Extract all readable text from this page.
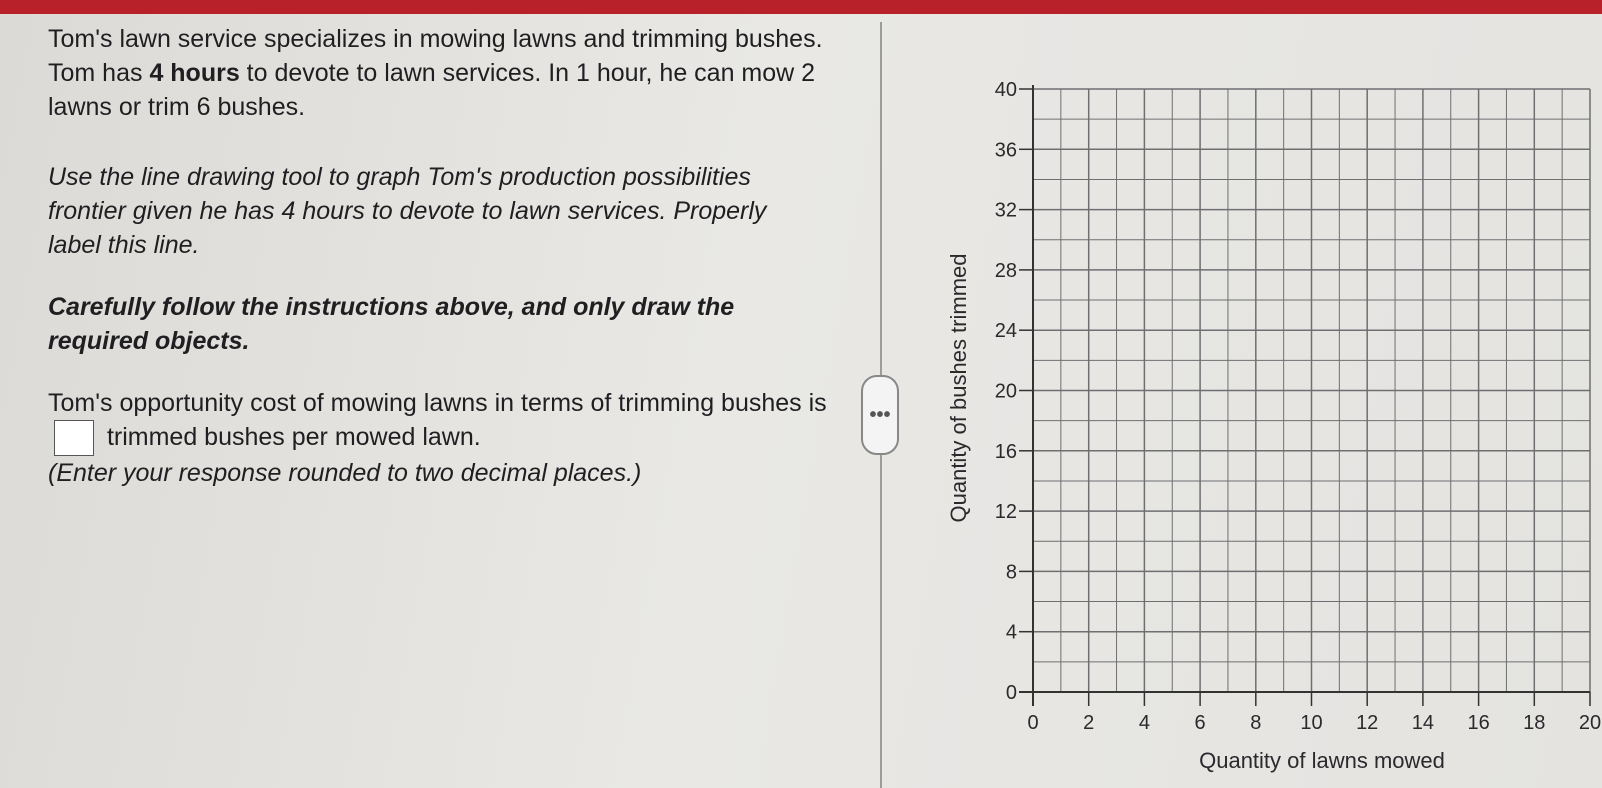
Tom's lawn service specializes in mowing lawns and trimming bushes. Tom has 4 hours to devote to lawn services. In 1 hour, he can mow 2 lawns or trim 6 bushes.

Use the line drawing tool to graph Tom's production possibilities frontier given he has 4 hours to devote to lawn services. Properly label this line.

Carefully follow the instructions above, and only draw the required objects.

Tom's opportunity cost of mowing lawns in terms of trimming bushes is  trimmed bushes per mowed lawn.
(Enter your response rounded to two decimal places.)

•••
0
4
8
12
16
20
24
28
32
36
40
0 2 4 6 8 10 12 14 16 18 20
Quantity of bushes trimmed
Quantity of lawns mowed
